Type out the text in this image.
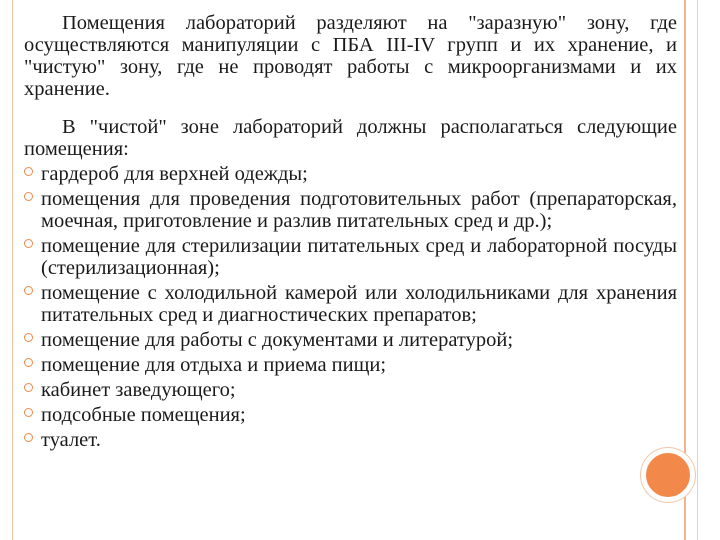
Помещения лабораторий разделяют на "заразную" зону, где осуществляются манипуляции с ПБА III-IV групп и их хранение, и "чистую" зону, где не проводят работы с микроорганизмами и их хранение.

В "чистой" зоне лабораторий должны располагаться следующие помещения:

гардероб для верхней одежды;
помещения для проведения подготовительных работ (препараторская, моечная, приготовление и разлив питательных сред и др.);
помещение для стерилизации питательных сред и лабораторной посуды (стерилизационная);
помещение с холодильной камерой или холодильниками для хранения питательных сред и диагностических препаратов;
помещение для работы с документами и литературой;
помещение для отдыха и приема пищи;
кабинет заведующего;
подсобные помещения;
туалет.
